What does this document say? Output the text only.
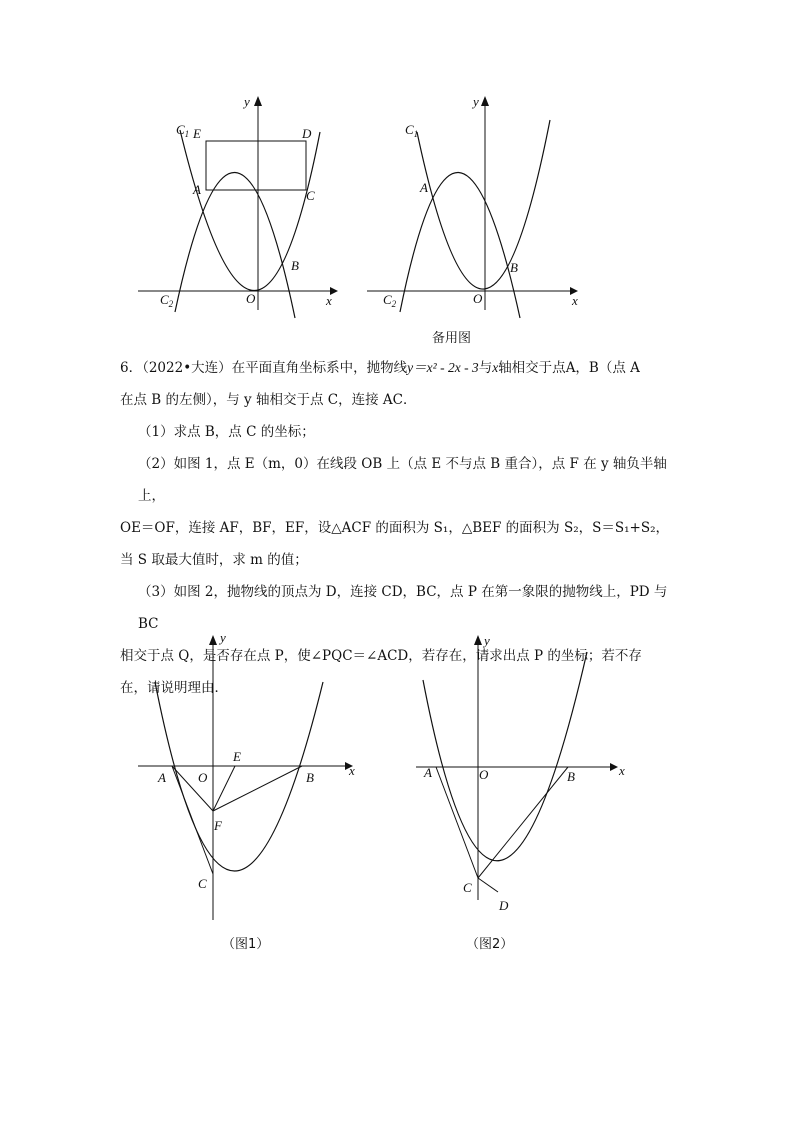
y
$C_1$ E	D
A	C
B
$C_2$	O	x
y
$C_1$
A
B
$C_2$	O	x
备用图

6．（2022•大连）在平面直角坐标系中，抛物线y＝x² - 2x - 3与x轴相交于点A，B（点 A

在点 B 的左侧），与 y 轴相交于点 C，连接 AC．

（1）求点 B，点 C 的坐标；

（2）如图 1，点 E（m，0）在线段 OB 上（点 E 不与点 B 重合），点 F 在 y 轴负半轴上，

OE＝OF，连接 AF，BF，EF，设△ACF 的面积为 S₁，△BEF 的面积为 S₂，S＝S₁+S₂，

当 S 取最大值时，求 m 的值；

（3）如图 2，抛物线的顶点为 D，连接 CD，BC，点 P 在第一象限的抛物线上，PD 与 BC

相交于点 Q，是否存在点 P，使∠PQC＝∠ACD，若存在，请求出点 P 的坐标；若不存

在，请说明理由．

y
A O
E
B	x
F
C
（图1）
y
A	O	B	x
C
D
（图2）
